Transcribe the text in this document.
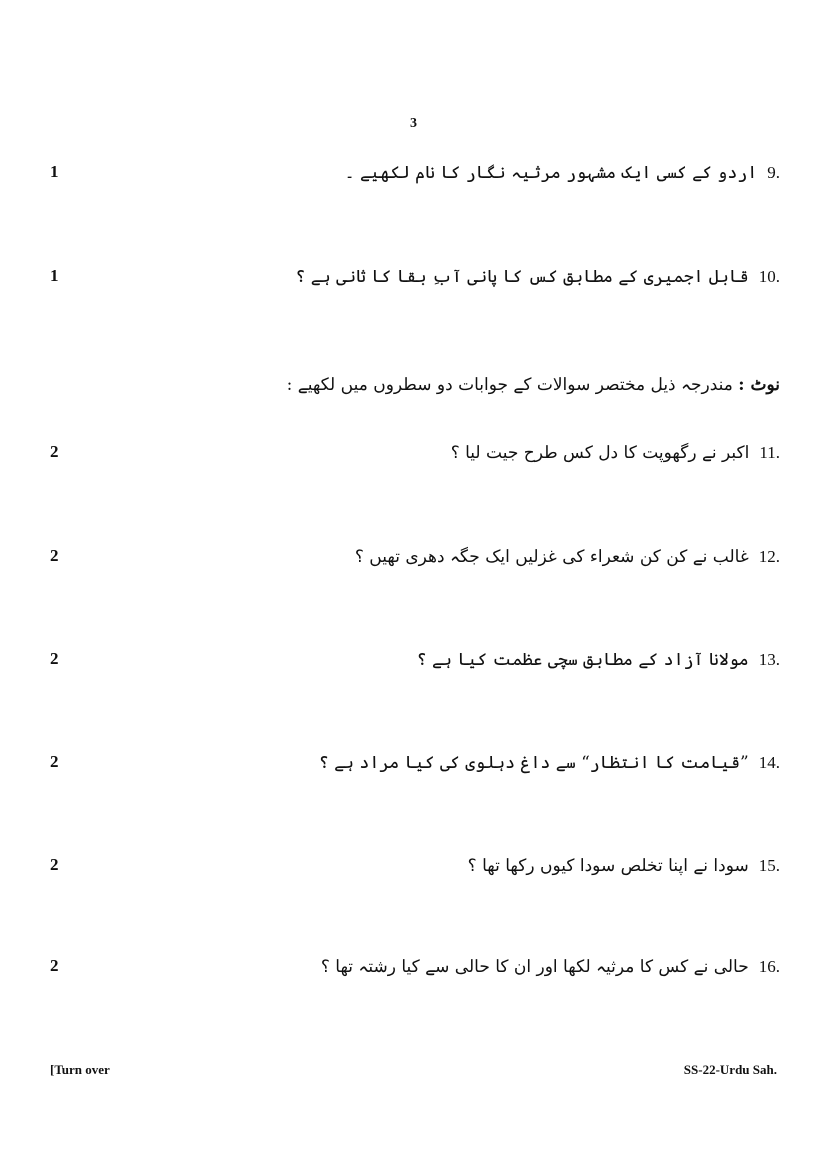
3
1	9.اردو کے کسی ایک مشہور مرثیہ نگار کا نام لکھیے ۔
1	10.قابل اجمیری کے مطابق کس کا پانی آبِ بقا کا ثانی ہے ؟
نوٹ : مندرجہ ذیل مختصر سوالات کے جوابات دو سطروں میں لکھیے :
2	11.اکبر نے رگھوپت کا دل کس طرح جیت لیا ؟
2	12.غالب نے کن کن شعراء کی غزلیں ایک جگہ دھری تھیں ؟
2	13.مولانا آزاد کے مطابق سچی عظمت کیا ہے ؟
2	14.”قیامت کا انتظار“ سے داغ دہلوی کی کیا مراد ہے ؟
2	15.سودا نے اپنا تخلص سودا کیوں رکھا تھا ؟
2	16.حالی نے کس کا مرثیہ لکھا اور ان کا حالی سے کیا رشتہ تھا ؟
[Turn over	SS-22-Urdu Sah.
